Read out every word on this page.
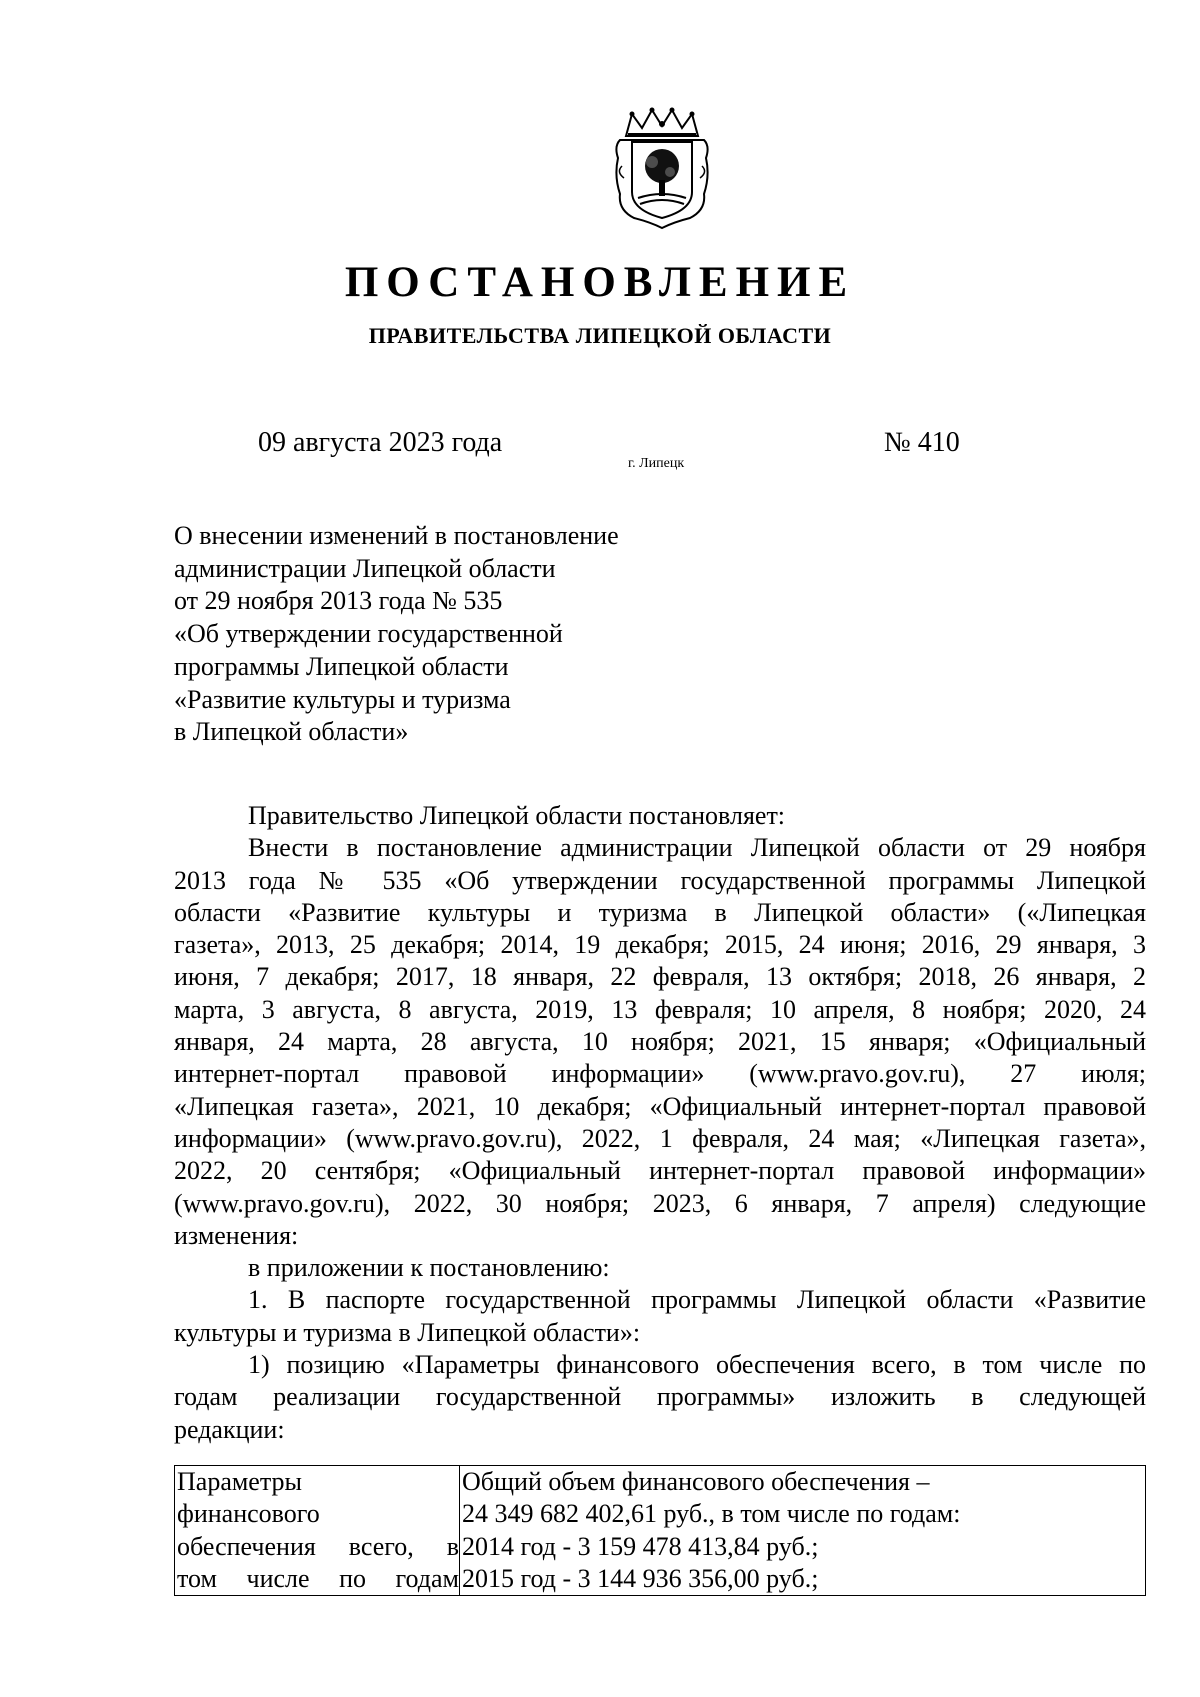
ПОСТАНОВЛЕНИЕ
ПРАВИТЕЛЬСТВА ЛИПЕЦКОЙ ОБЛАСТИ
09 августа 2023 года
г. Липецк
№ 410
О внесении изменений в постановление
администрации Липецкой области
от 29 ноября 2013 года № 535
«Об утверждении государственной
программы Липецкой области
«Развитие культуры и туризма
в Липецкой области»

Правительство Липецкой области постановляет:

Внести в постановление администрации Липецкой области от 29 ноября

2013 года № 535 «Об утверждении государственной программы Липецкой

области «Развитие культуры и туризма в Липецкой области» («Липецкая

газета», 2013, 25 декабря; 2014, 19 декабря; 2015, 24 июня; 2016, 29 января, 3

июня, 7 декабря; 2017, 18 января, 22 февраля, 13 октября; 2018, 26 января, 2

марта, 3 августа, 8 августа, 2019, 13 февраля; 10 апреля, 8 ноября; 2020, 24

января, 24 марта, 28 августа, 10 ноября; 2021, 15 января; «Официальный

интернет-портал правовой информации» (www.pravo.gov.ru), 27 июля;

«Липецкая газета», 2021, 10 декабря; «Официальный интернет-портал правовой

информации» (www.pravo.gov.ru), 2022, 1 февраля, 24 мая; «Липецкая газета»,

2022, 20 сентября; «Официальный интернет-портал правовой информации»

(www.pravo.gov.ru), 2022, 30 ноября; 2023, 6 января, 7 апреля) следующие

изменения:

в приложении к постановлению:

1. В паспорте государственной программы Липецкой области «Развитие

культуры и туризма в Липецкой области»:

1) позицию «Параметры финансового обеспечения всего, в том числе по

годам реализации государственной программы» изложить в следующей

редакции:

Параметры
финансового
обеспечения всего, в
том числе по годам

Общий объем финансового обеспечения –
24 349 682 402,61 руб., в том числе по годам:
2014 год - 3 159 478 413,84 руб.;
2015 год - 3 144 936 356,00 руб.;
